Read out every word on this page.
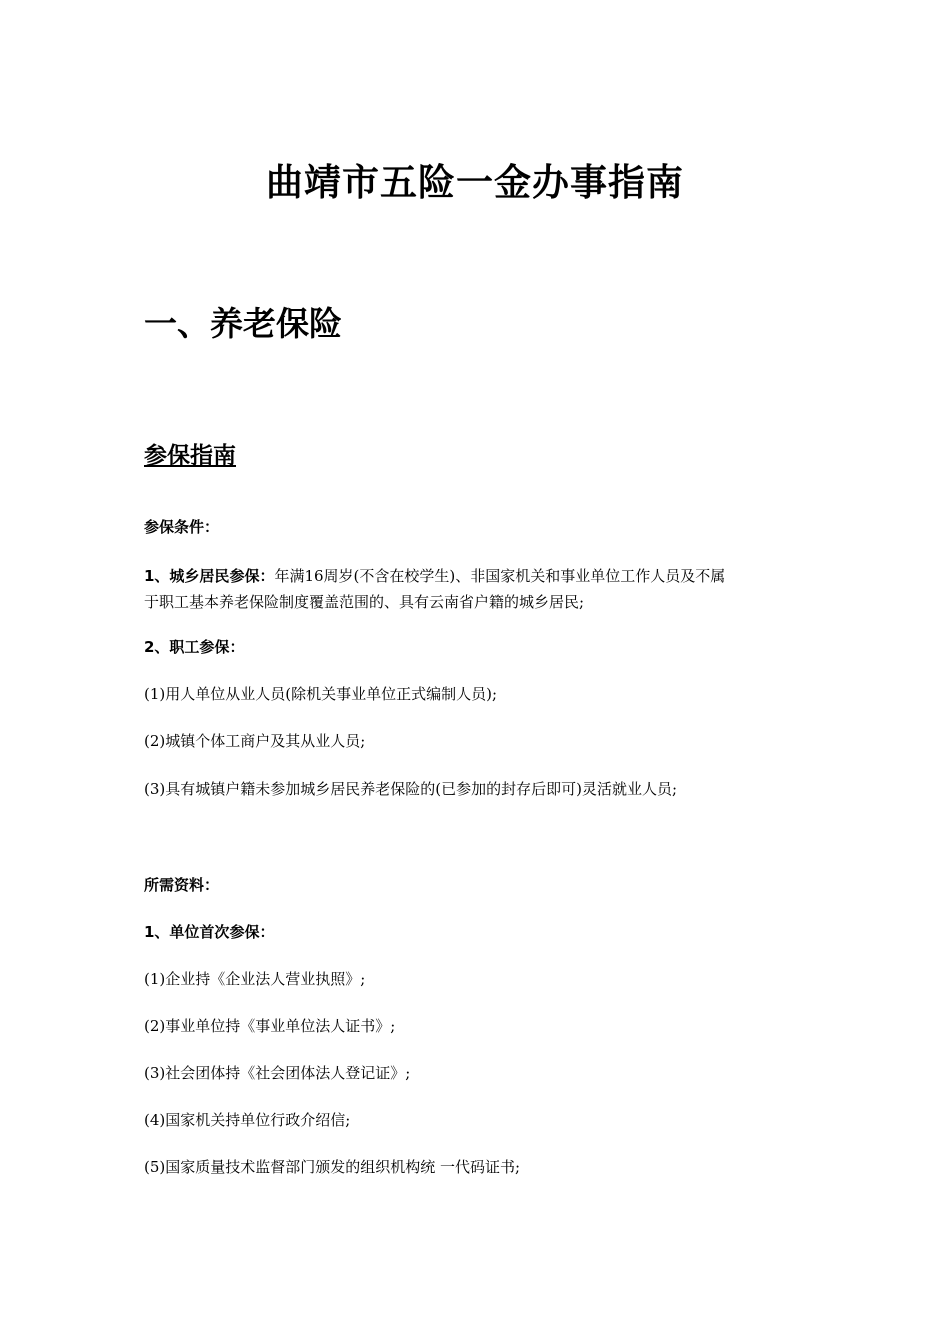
曲靖市五险一金办事指南
一、养老保险
参保指南
参保条件：
1、城乡居民参保：年满16周岁(不含在校学生)、非国家机关和事业单位工作人员及不属
于职工基本养老保险制度覆盖范围的、具有云南省户籍的城乡居民;
2、职工参保：
(1)用人单位从业人员(除机关事业单位正式编制人员);
(2)城镇个体工商户及其从业人员;
(3)具有城镇户籍未参加城乡居民养老保险的(已参加的封存后即可)灵活就业人员;
所需资料：
1、单位首次参保：
(1)企业持《企业法人营业执照》;
(2)事业单位持《事业单位法人证书》;
(3)社会团体持《社会团体法人登记证》;
(4)国家机关持单位行政介绍信;
(5)国家质量技术监督部门颁发的组织机构统 一代码证书;
